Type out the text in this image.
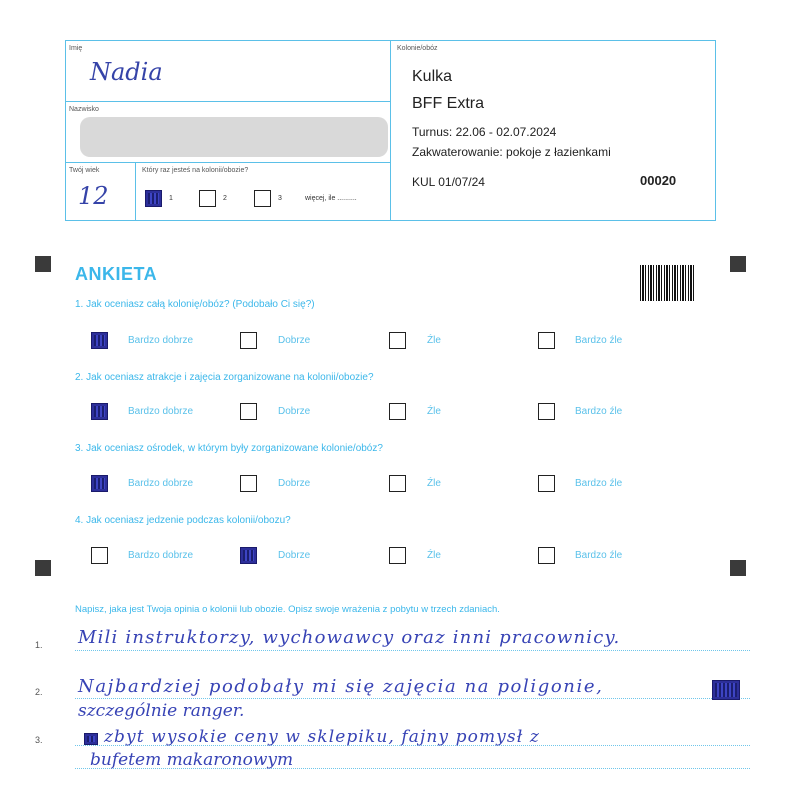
Imię
Nadia
Nazwisko
Twój wiek
12
Który raz jesteś na kolonii/obozie?
1	2	3	więcej, ile ..........
Kolonie/obóz
Kulka
BFF Extra
Turnus: 22.06 - 02.07.2024
Zakwaterowanie: pokoje z łazienkami
KUL 01/07/24	00020
ANKIETA
1. Jak oceniasz całą kolonię/obóz? (Podobało Ci się?)
Bardzo dobrze	Dobrze	Źle	Bardzo źle
2. Jak oceniasz atrakcje i zajęcia zorganizowane na kolonii/obozie?
Bardzo dobrze	Dobrze	Źle	Bardzo źle
3. Jak oceniasz ośrodek, w którym były zorganizowane kolonie/obóz?
Bardzo dobrze	Dobrze	Źle	Bardzo źle
4. Jak oceniasz jedzenie podczas kolonii/obozu?
Bardzo dobrze	Dobrze	Źle	Bardzo źle
Napisz, jaka jest Twoja opinia o kolonii lub obozie. Opisz swoje wrażenia z pobytu w trzech zdaniach.
1.
2.
3.
Mili instruktorzy, wychowawcy oraz inni pracownicy.
Najbardziej podobały mi się zajęcia na poligonie,
szczególnie ranger.
zbyt wysokie ceny w sklepiku, fajny pomysł z
bufetem makaronowym
